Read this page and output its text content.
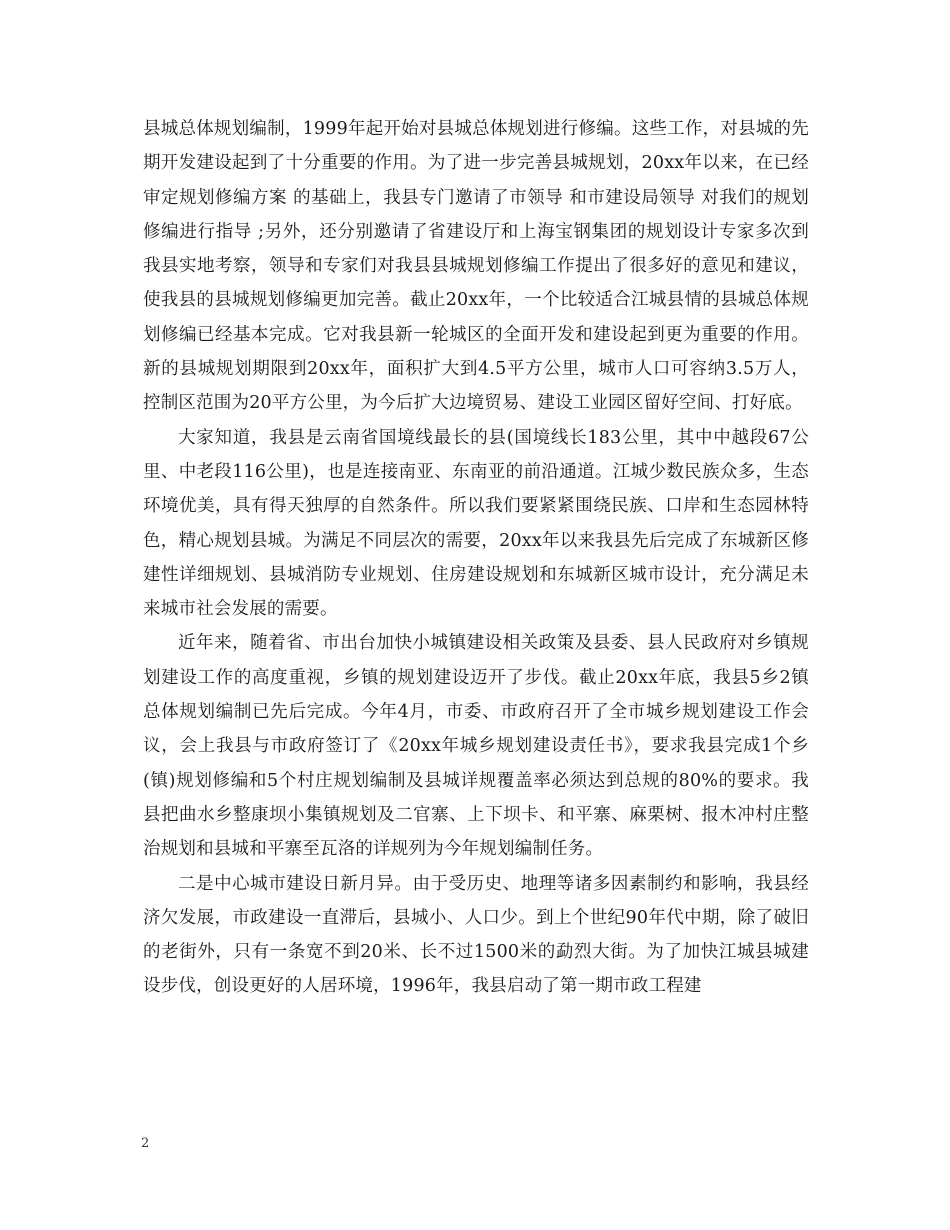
县城总体规划编制，1999年起开始对县城总体规划进行修编。这些工作，对县城的先期开发建设起到了十分重要的作用。为了进一步完善县城规划，20xx年以来，在已经审定规划修编方案 的基础上，我县专门邀请了市领导 和市建设局领导 对我们的规划修编进行指导 ;另外，还分别邀请了省建设厅和上海宝钢集团的规划设计专家多次到我县实地考察，领导和专家们对我县县城规划修编工作提出了很多好的意见和建议，使我县的县城规划修编更加完善。截止20xx年，一个比较适合江城县情的县城总体规划修编已经基本完成。它对我县新一轮城区的全面开发和建设起到更为重要的作用。新的县城规划期限到20xx年，面积扩大到4.5平方公里，城市人口可容纳3.5万人，控制区范围为20平方公里，为今后扩大边境贸易、建设工业园区留好空间、打好底。

大家知道，我县是云南省国境线最长的县(国境线长183公里，其中中越段67公里、中老段116公里)，也是连接南亚、东南亚的前沿通道。江城少数民族众多，生态环境优美，具有得天独厚的自然条件。所以我们要紧紧围绕民族、口岸和生态园林特色，精心规划县城。为满足不同层次的需要，20xx年以来我县先后完成了东城新区修建性详细规划、县城消防专业规划、住房建设规划和东城新区城市设计，充分满足未来城市社会发展的需要。

近年来，随着省、市出台加快小城镇建设相关政策及县委、县人民政府对乡镇规划建设工作的高度重视，乡镇的规划建设迈开了步伐。截止20xx年底，我县5乡2镇总体规划编制已先后完成。今年4月，市委、市政府召开了全市城乡规划建设工作会议，会上我县与市政府签订了《20xx年城乡规划建设责任书》，要求我县完成1个乡(镇)规划修编和5个村庄规划编制及县城详规覆盖率必须达到总规的80%的要求。我县把曲水乡整康坝小集镇规划及二官寨、上下坝卡、和平寨、麻栗树、报木冲村庄整治规划和县城和平寨至瓦洛的详规列为今年规划编制任务。

二是中心城市建设日新月异。由于受历史、地理等诸多因素制约和影响，我县经济欠发展，市政建设一直滞后，县城小、人口少。到上个世纪90年代中期，除了破旧的老街外，只有一条宽不到20米、长不过1500米的勐烈大街。为了加快江城县城建设步伐，创设更好的人居环境，1996年，我县启动了第一期市政工程建

2
